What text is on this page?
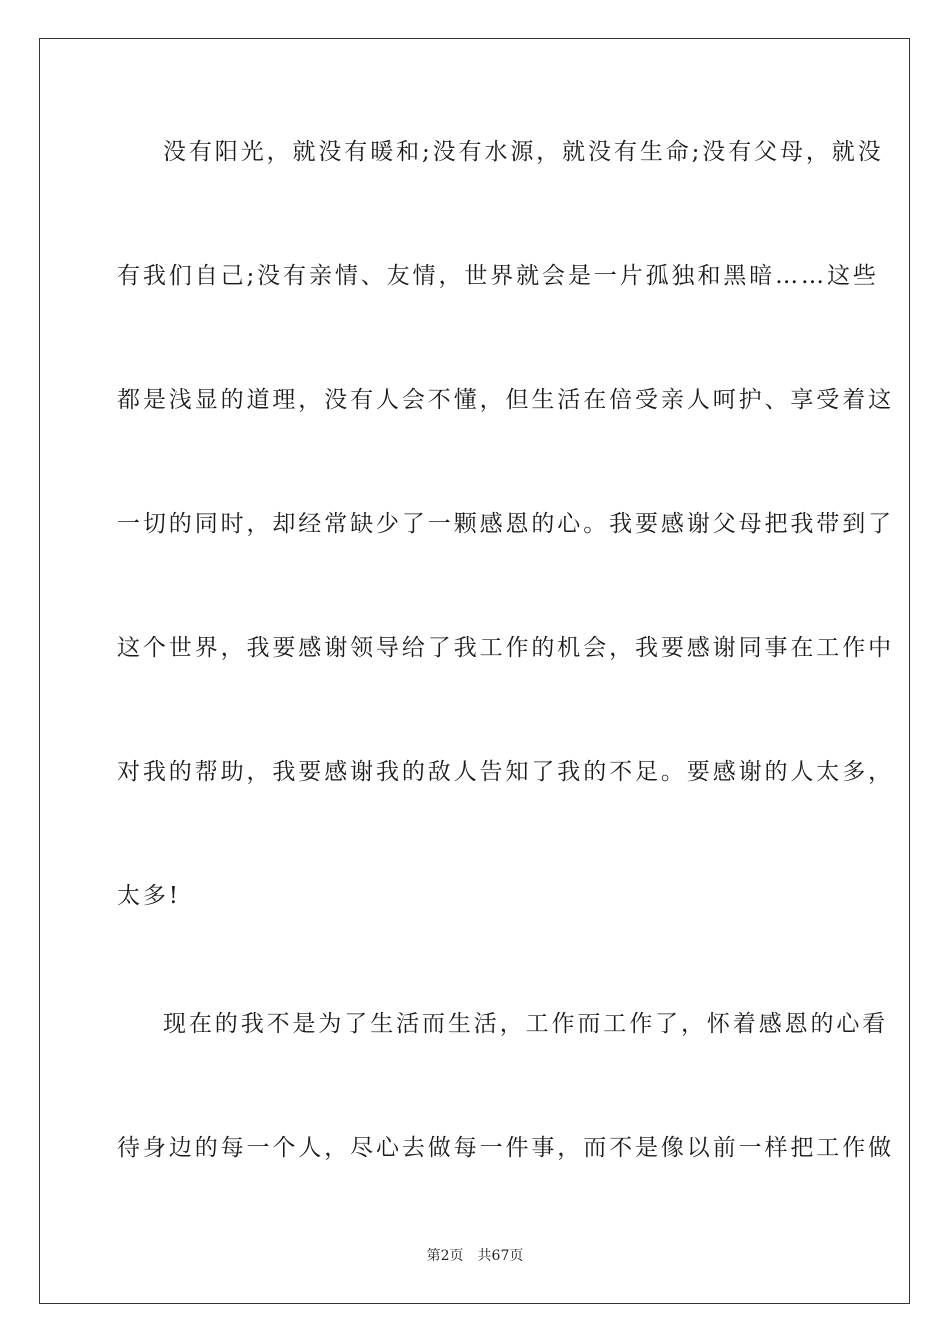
没有阳光，就没有暖和;没有水源，就没有生命;没有父母，就没
有我们自己;没有亲情、友情，世界就会是一片孤独和黑暗……这些
都是浅显的道理，没有人会不懂，但生活在倍受亲人呵护、享受着这
一切的同时，却经常缺少了一颗感恩的心。我要感谢父母把我带到了
这个世界，我要感谢领导给了我工作的机会，我要感谢同事在工作中
对我的帮助，我要感谢我的敌人告知了我的不足。要感谢的人太多，
太多!
现在的我不是为了生活而生活，工作而工作了，怀着感恩的心看
待身边的每一个人，尽心去做每一件事，而不是像以前一样把工作做
第2页 共67页
